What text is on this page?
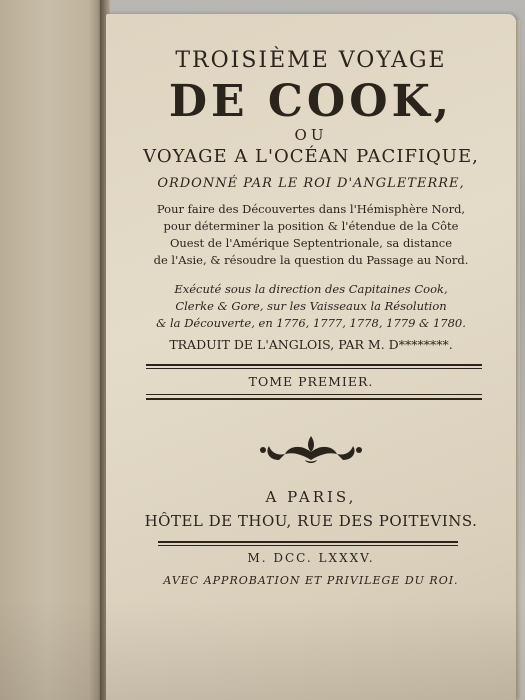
TROISIÈME VOYAGE
DE COOK,
OU
VOYAGE A L'OCÉAN PACIFIQUE,
ORDONNÉ PAR LE ROI D'ANGLETERRE,
Pour faire des Découvertes dans l'Hémisphère Nord,
pour déterminer la position & l'étendue de la Côte
Ouest de l'Amérique Septentrionale, sa distance
de l'Asie, & résoudre la question du Passage au Nord.
Exécuté sous la direction des Capitaines Cook,
Clerke & Gore, sur les Vaisseaux la Résolution
& la Découverte, en 1776, 1777, 1778, 1779 & 1780.
TRADUIT DE L'ANGLOIS, PAR M. D********.
TOME PREMIER.
A PARIS,
HÔTEL DE THOU, RUE DES POITEVINS.
M. DCC. LXXXV.
AVEC APPROBATION ET PRIVILEGE DU ROI.
